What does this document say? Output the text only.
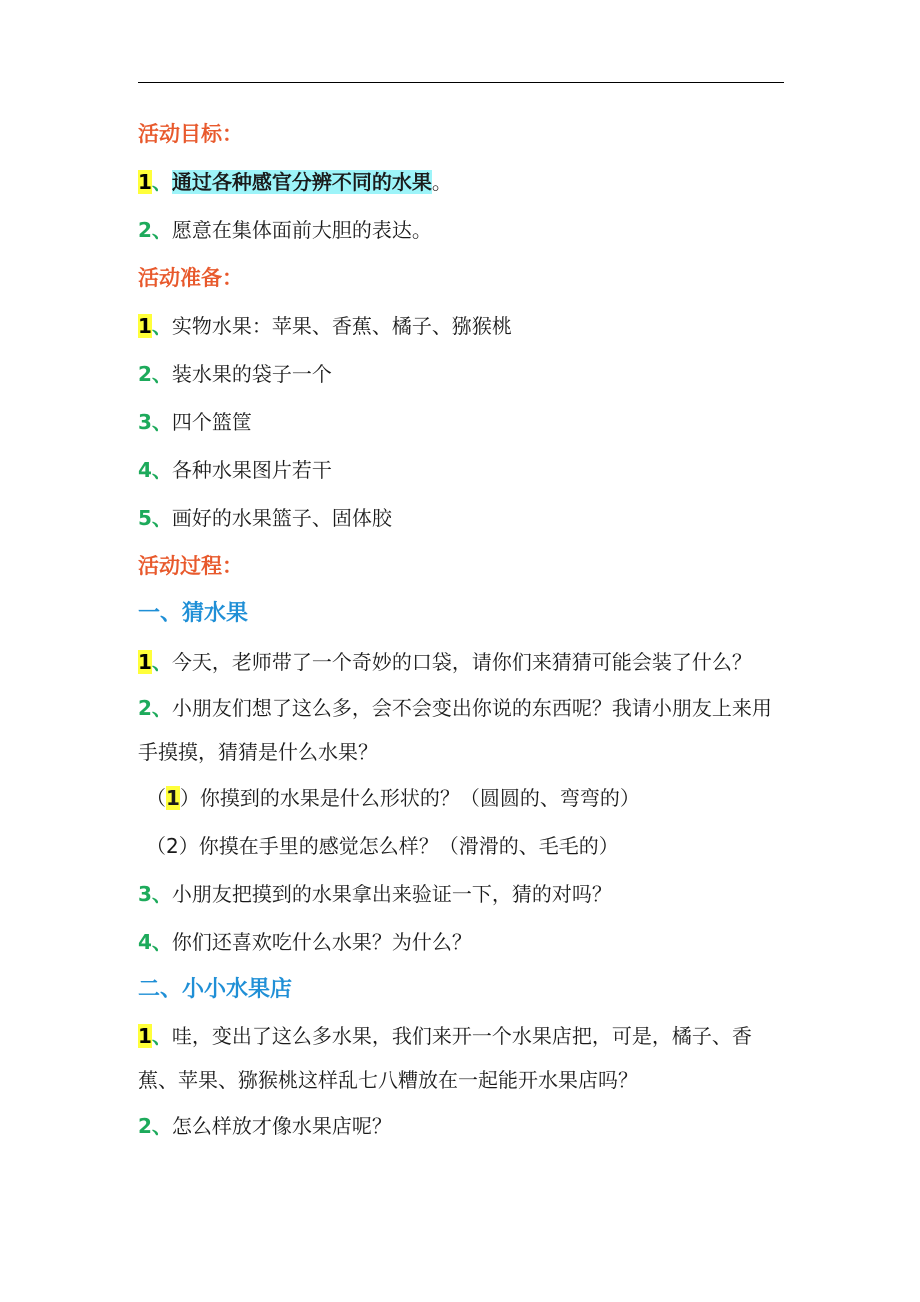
活动目标：
1、通过各种感官分辨不同的水果。
2、愿意在集体面前大胆的表达。
活动准备：
1、实物水果：苹果、香蕉、橘子、猕猴桃
2、装水果的袋子一个
3、四个篮筐
4、各种水果图片若干
5、画好的水果篮子、固体胶
活动过程：
一、猜水果
1、今天，老师带了一个奇妙的口袋，请你们来猜猜可能会装了什么？
2、小朋友们想了这么多，会不会变出你说的东西呢？我请小朋友上来用手摸摸，猜猜是什么水果？
（1）你摸到的水果是什么形状的？（圆圆的、弯弯的）
（2）你摸在手里的感觉怎么样？（滑滑的、毛毛的）
3、小朋友把摸到的水果拿出来验证一下，猜的对吗？
4、你们还喜欢吃什么水果？为什么？
二、小小水果店
1、哇，变出了这么多水果，我们来开一个水果店把，可是，橘子、香蕉、苹果、猕猴桃这样乱七八糟放在一起能开水果店吗？
2、怎么样放才像水果店呢？
